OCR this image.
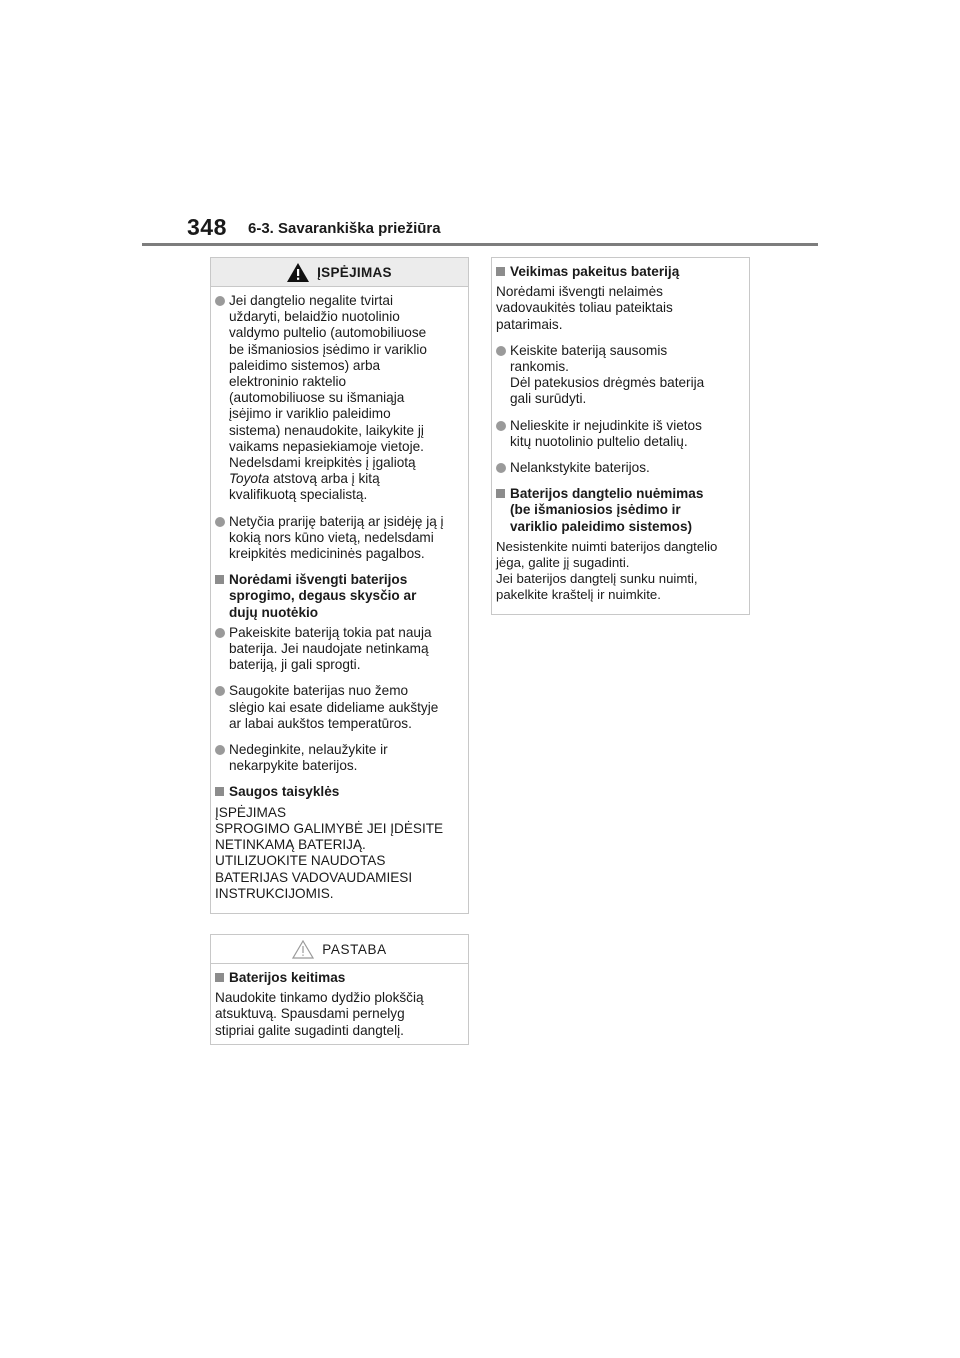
348 6-3. Savarankiška priežiūra
ĮSPĖJIMAS
Jei dangtelio negalite tvirtai
uždaryti, belaidžio nuotolinio
valdymo pultelio (automobiliuose
be išmaniosios įsėdimo ir variklio
paleidimo sistemos) arba
elektroninio raktelio
(automobiliuose su išmaniąja
įsėjimo ir variklio paleidimo
sistema) nenaudokite, laikykite jį
vaikams nepasiekiamoje vietoje.
Nedelsdami kreipkitės į įgaliotą
Toyota atstovą arba į kitą
kvalifikuotą specialistą.
Netyčia prariję bateriją ar įsidėję ją į
kokią nors kūno vietą, nedelsdami
kreipkitės medicininės pagalbos.
Norėdami išvengti baterijos
sprogimo, degaus skysčio ar
dujų nuotėkio
Pakeiskite bateriją tokia pat nauja
baterija. Jei naudojate netinkamą
bateriją, ji gali sprogti.
Saugokite baterijas nuo žemo
slėgio kai esate dideliame aukštyje
ar labai aukštos temperatūros.
Nedeginkite, nelaužykite ir
nekarpykite baterijos.
Saugos taisyklės
ĮSPĖJIMAS
SPROGIMO GALIMYBĖ JEI ĮDĖSITE
NETINKAMĄ BATERIJĄ.
UTILIZUOKITE NAUDOTAS
BATERIJAS VADOVAUDAMIESI
INSTRUKCIJOMIS.
PASTABA
Baterijos keitimas
Naudokite tinkamo dydžio plokščią
atsuktuvą. Spausdami pernelyg
stipriai galite sugadinti dangtelį.
Veikimas pakeitus bateriją
Norėdami išvengti nelaimės
vadovaukitės toliau pateiktais
patarimais.
Keiskite bateriją sausomis
rankomis.
Dėl patekusios drėgmės baterija
gali surūdyti.
Nelieskite ir nejudinkite iš vietos
kitų nuotolinio pultelio detalių.
Nelankstykite baterijos.
Baterijos dangtelio nuėmimas
(be išmaniosios įsėdimo ir
variklio paleidimo sistemos)
Nesistenkite nuimti baterijos dangtelio
jėga, galite jį sugadinti.
Jei baterijos dangtelį sunku nuimti,
pakelkite kraštelį ir nuimkite.
